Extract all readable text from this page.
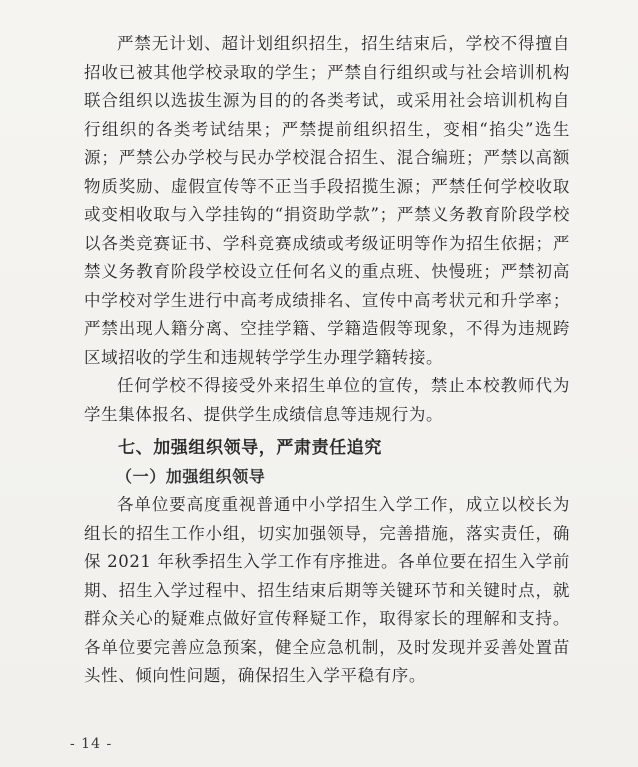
严禁无计划、超计划组织招生，招生结束后，学校不得擅自招收已被其他学校录取的学生；严禁自行组织或与社会培训机构联合组织以选拔生源为目的的各类考试，或采用社会培训机构自行组织的各类考试结果；严禁提前组织招生，变相“掐尖”选生源；严禁公办学校与民办学校混合招生、混合编班；严禁以高额物质奖励、虚假宣传等不正当手段招揽生源；严禁任何学校收取或变相收取与入学挂钩的“捐资助学款”；严禁义务教育阶段学校以各类竞赛证书、学科竞赛成绩或考级证明等作为招生依据；严禁义务教育阶段学校设立任何名义的重点班、快慢班；严禁初高中学校对学生进行中高考成绩排名、宣传中高考状元和升学率；严禁出现人籍分离、空挂学籍、学籍造假等现象，不得为违规跨区域招收的学生和违规转学学生办理学籍转接。

任何学校不得接受外来招生单位的宣传，禁止本校教师代为学生集体报名、提供学生成绩信息等违规行为。

七、加强组织领导，严肃责任追究
（一）加强组织领导

各单位要高度重视普通中小学招生入学工作，成立以校长为组长的招生工作小组，切实加强领导，完善措施，落实责任，确保 2021 年秋季招生入学工作有序推进。各单位要在招生入学前期、招生入学过程中、招生结束后期等关键环节和关键时点，就群众关心的疑难点做好宣传释疑工作，取得家长的理解和支持。各单位要完善应急预案，健全应急机制，及时发现并妥善处置苗头性、倾向性问题，确保招生入学平稳有序。

- 14 -
